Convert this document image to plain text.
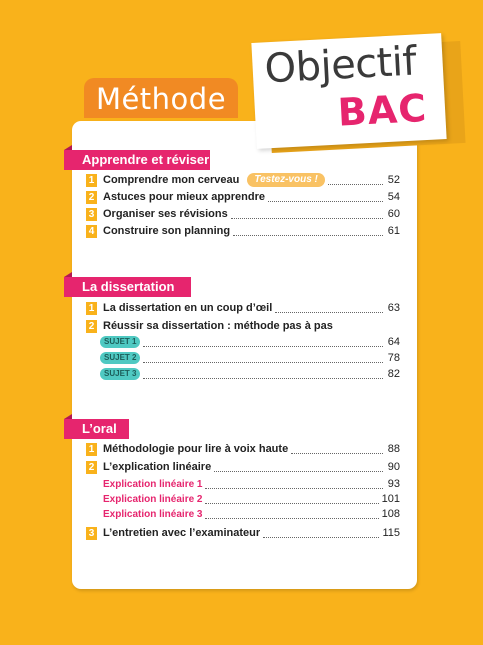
Méthode
Objectif
BAC
Apprendre et réviser
1 Comprendre mon cerveau	Testez-vous !	52
2 Astuces pour mieux apprendre	54
3 Organiser ses révisions	60
4 Construire son planning	61
La dissertation
1 La dissertation en un coup d’œil	63
2 Réussir sa dissertation : méthode pas à pas
SUJET 1	64
SUJET 2	78
SUJET 3	82
L’oral
1 Méthodologie pour lire à voix haute	88
2 L’explication linéaire	90
Explication linéaire 1	93
Explication linéaire 2	101
Explication linéaire 3	108
3 L’entretien avec l’examinateur	115
